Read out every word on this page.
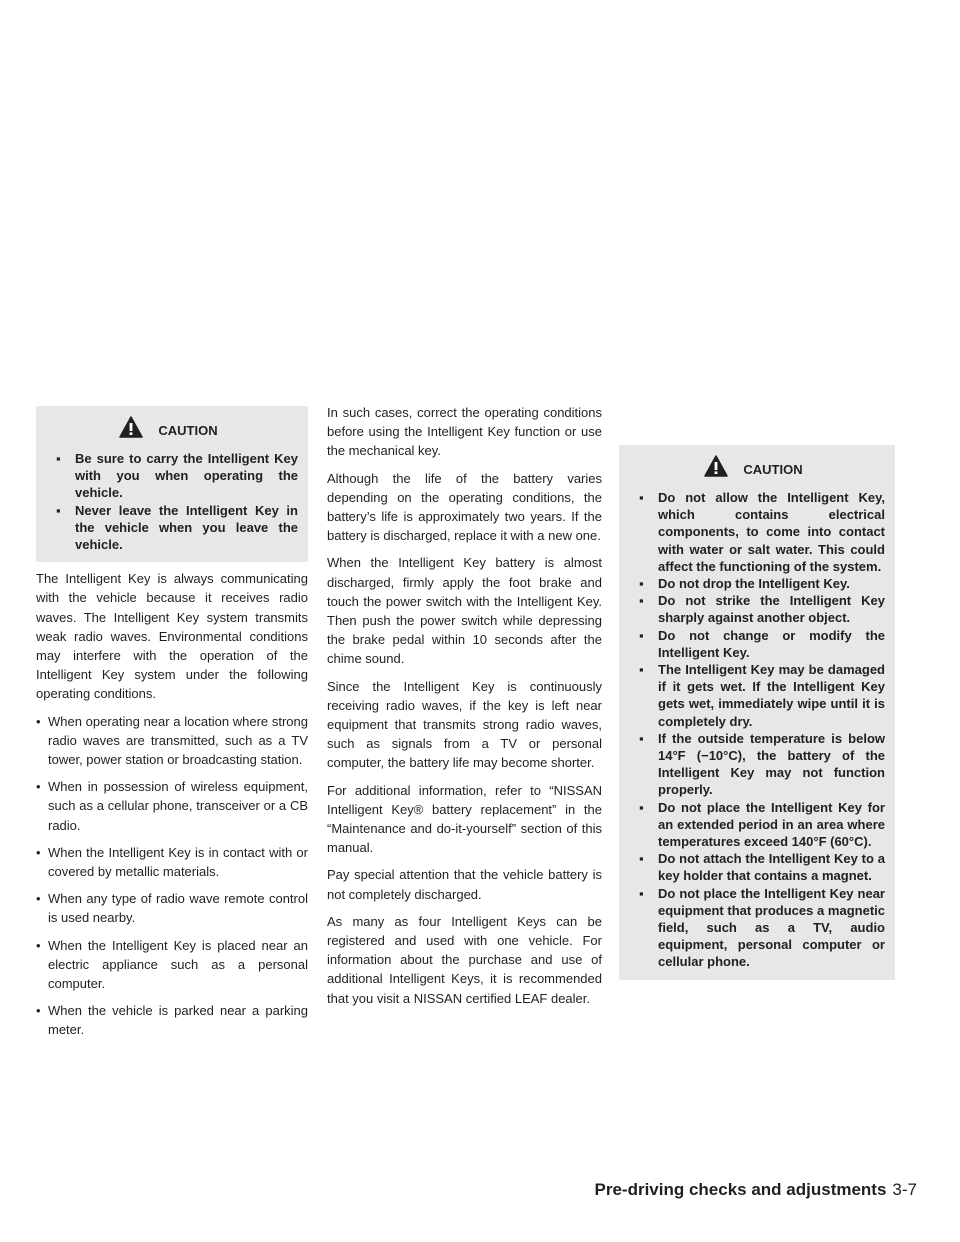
CAUTION
▪ Be sure to carry the Intelligent Key with you when operating the vehicle.
▪ Never leave the Intelligent Key in the vehicle when you leave the vehicle.

The Intelligent Key is always communicating with the vehicle because it receives radio waves. The Intelligent Key system transmits weak radio waves. Environmental conditions may interfere with the operation of the Intelligent Key system under the following operating conditions.

• When operating near a location where strong radio waves are transmitted, such as a TV tower, power station or broadcasting station.
• When in possession of wireless equipment, such as a cellular phone, transceiver or a CB radio.
• When the Intelligent Key is in contact with or covered by metallic materials.
• When any type of radio wave remote control is used nearby.
• When the Intelligent Key is placed near an electric appliance such as a personal computer.
• When the vehicle is parked near a parking meter.

In such cases, correct the operating conditions before using the Intelligent Key function or use the mechanical key.

Although the life of the battery varies depending on the operating conditions, the battery’s life is approximately two years. If the battery is discharged, replace it with a new one.

When the Intelligent Key battery is almost discharged, firmly apply the foot brake and touch the power switch with the Intelligent Key. Then push the power switch while depressing the brake pedal within 10 seconds after the chime sound.

Since the Intelligent Key is continuously receiving radio waves, if the key is left near equipment that transmits strong radio waves, such as signals from a TV or personal computer, the battery life may become shorter.

For additional information, refer to “NISSAN Intelligent Key® battery replacement” in the “Maintenance and do-it-yourself” section of this manual.

Pay special attention that the vehicle battery is not completely discharged.

As many as four Intelligent Keys can be registered and used with one vehicle. For information about the purchase and use of additional Intelligent Keys, it is recommended that you visit a NISSAN certified LEAF dealer.

CAUTION
▪ Do not allow the Intelligent Key, which contains electrical components, to come into contact with water or salt water. This could affect the functioning of the system.
▪ Do not drop the Intelligent Key.
▪ Do not strike the Intelligent Key sharply against another object.
▪ Do not change or modify the Intelligent Key.
▪ The Intelligent Key may be damaged if it gets wet. If the Intelligent Key gets wet, immediately wipe until it is completely dry.
▪ If the outside temperature is below 14°F (−10°C), the battery of the Intelligent Key may not function properly.
▪ Do not place the Intelligent Key for an extended period in an area where temperatures exceed 140°F (60°C).
▪ Do not attach the Intelligent Key to a key holder that contains a magnet.
▪ Do not place the Intelligent Key near equipment that produces a magnetic field, such as a TV, audio equipment, personal computer or cellular phone.
Pre-driving checks and adjustments 3-7
